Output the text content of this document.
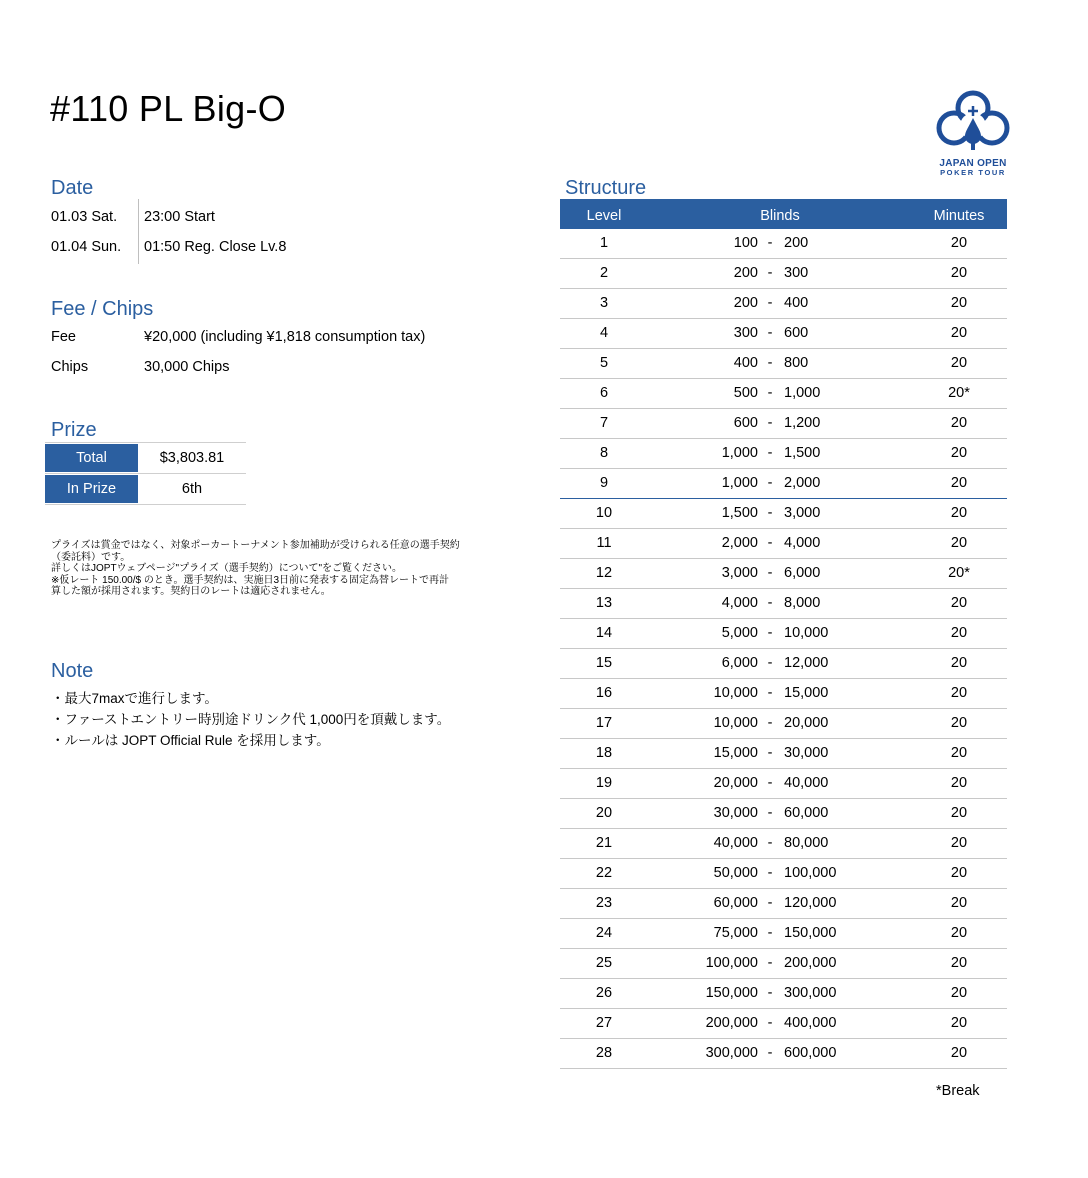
#110 PL Big-O
JAPAN OPEN
POKER TOUR
Date
01.03 Sat. 23:00 Start
01.04 Sun. 01:50 Reg. Close Lv.8
Fee / Chips
Fee	¥20,000 (including ¥1,818 consumption tax)
Chips	30,000 Chips
Prize
Total	$3,803.81
In Prize	6th
プライズは賞金ではなく、対象ポーカートーナメント参加補助が受けられる任意の選手契約
（委託料）です。
詳しくはJOPTウェブページ"プライズ（選手契約）について"をご覧ください。
※仮レート 150.00/$ のとき。選手契約は、実施日3日前に発表する固定為替レートで再計
算した額が採用されます。契約日のレートは適応されません。
Note
・最大7maxで進行します。
・ファーストエントリー時別途ドリンク代 1,000円を頂戴します。
・ルールは JOPT Official Rule を採用します。
Structure
Level	Blinds	Minutes
1	100 - 200	20
2	200 - 300	20
3	200 - 400	20
4	300 - 600	20
5	400 - 800	20
6	500 - 1,000	20*
7	600 - 1,200	20
8	1,000 - 1,500	20
9	1,000 - 2,000	20
10	1,500 - 3,000	20
11	2,000 - 4,000	20
12	3,000 - 6,000	20*
13	4,000 - 8,000	20
14	5,000 - 10,000	20
15	6,000 - 12,000	20
16	10,000 - 15,000	20
17	10,000 - 20,000	20
18	15,000 - 30,000	20
19	20,000 - 40,000	20
20	30,000 - 60,000	20
21	40,000 - 80,000	20
22	50,000 - 100,000	20
23	60,000 - 120,000	20
24	75,000 - 150,000	20
25	100,000 - 200,000	20
26	150,000 - 300,000	20
27	200,000 - 400,000	20
28	300,000 - 600,000	20
*Break
